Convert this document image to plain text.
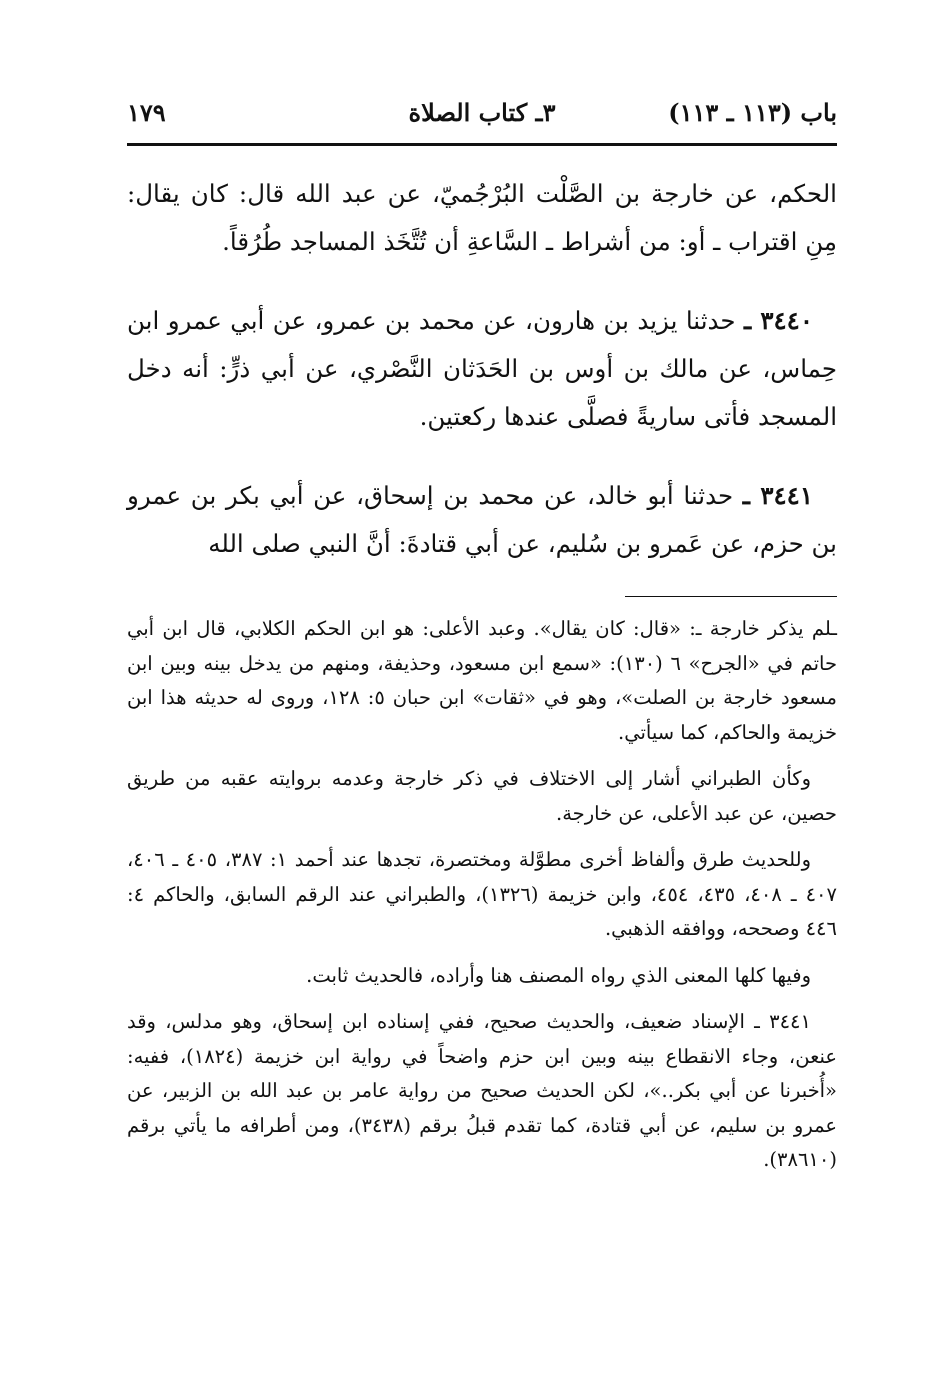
باب (١١٣ ـ ١١٣)
٣ـ كتاب الصلاة
١٧٩

الحكم، عن خارجة بن الصَّلْت البُرْجُميّ، عن عبد الله قال: كان يقال: مِنِ اقتراب ـ أو: من أشراط ـ السَّاعةِ أن تُتَّخَذ المساجد طُرُقاً.

٣٤٤٠ ـ حدثنا يزيد بن هارون، عن محمد بن عمرو، عن أبي عمرو ابن حِماس، عن مالك بن أوس بن الحَدَثان النَّصْري، عن أبي ذرٍّ: أنه دخل المسجد فأتى ساريةً فصلَّى عندها ركعتين.

٣٤٤١ ـ حدثنا أبو خالد، عن محمد بن إسحاق، عن أبي بكر بن عمرو بن حزم، عن عَمرو بن سُليم، عن أبي قتادةَ: أنَّ النبي صلى الله

ـلم يذكر خارجة ـ: «قال: كان يقال». وعبد الأعلى: هو ابن الحكم الكلابي، قال ابن أبي حاتم في «الجرح» ٦ (١٣٠): «سمع ابن مسعود، وحذيفة، ومنهم من يدخل بينه وبين ابن مسعود خارجة بن الصلت»، وهو في «ثقات» ابن حبان ٥: ١٢٨، وروى له حديثه هذا ابن خزيمة والحاكم، كما سيأتي.

وكأن الطبراني أشار إلى الاختلاف في ذكر خارجة وعدمه بروايته عقبه من طريق حصين، عن عبد الأعلى، عن خارجة.

وللحديث طرق وألفاظ أخرى مطوَّلة ومختصرة، تجدها عند أحمد ١: ٣٨٧، ٤٠٥ ـ ٤٠٦، ٤٠٧ ـ ٤٠٨، ٤٣٥، ٤٥٤، وابن خزيمة (١٣٢٦)، والطبراني عند الرقم السابق، والحاكم ٤: ٤٤٦ وصححه، ووافقه الذهبي.

وفيها كلها المعنى الذي رواه المصنف هنا وأراده، فالحديث ثابت.

٣٤٤١ ـ الإسناد ضعيف، والحديث صحيح، ففي إسناده ابن إسحاق، وهو مدلس، وقد عنعن، وجاء الانقطاع بينه وبين ابن حزم واضحاً في رواية ابن خزيمة (١٨٢٤)، ففيه: «أُخبرنا عن أبي بكر..»، لكن الحديث صحيح من رواية عامر بن عبد الله بن الزبير، عن عمرو بن سليم، عن أبي قتادة، كما تقدم قبلُ برقم (٣٤٣٨)، ومن أطرافه ما يأتي برقم (٣٨٦١٠).
